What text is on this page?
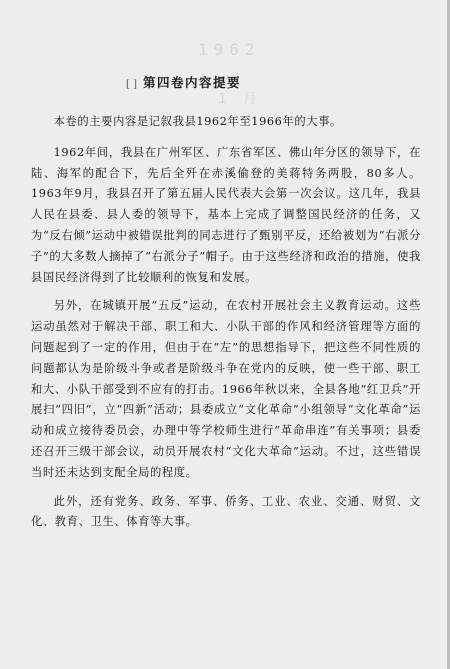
1962
1 月
[ ] 第四卷内容提要

本卷的主要内容是记叙我县1962年至1966年的大事。

1962年间，我县在广州军区、广东省军区、佛山年分区的领导下，在陆、海军的配合下，先后全歼在赤溪偷登的美蒋特务两股，80多人。1963年9月，我县召开了第五届人民代表大会第一次会议。这几年，我县人民在县委、县人委的领导下，基本上完成了调整国民经济的任务，又为“反右倾”运动中被错误批判的同志进行了甄别平反，还给被划为“右派分子”的大多数人摘掉了“右派分子”帽子。由于这些经济和政治的措施，使我县国民经济得到了比较顺利的恢复和发展。

另外，在城镇开展“五反”运动，在农村开展社会主义教育运动。这些运动虽然对于解决干部、职工和大、小队干部的作风和经济管理等方面的问题起到了一定的作用，但由于在“左”的思想指导下，把这些不同性质的问题都认为是阶级斗争或者是阶级斗争在党内的反映，使一些干部、职工和大、小队干部受到不应有的打击。1966年秋以来，全县各地“红卫兵”开展扫“四旧”，立“四新”活动；县委成立“文化革命”小组领导“文化革命”运动和成立接待委员会，办理中等学校师生进行“革命串连”有关事项；县委还召开三级干部会议，动员开展农村“文化大革命”运动。不过，这些错误当时还未达到支配全局的程度。

此外，还有党务、政务、军事、侨务、工业、农业、交通、财贸、文化、教育、卫生、体育等大事。
